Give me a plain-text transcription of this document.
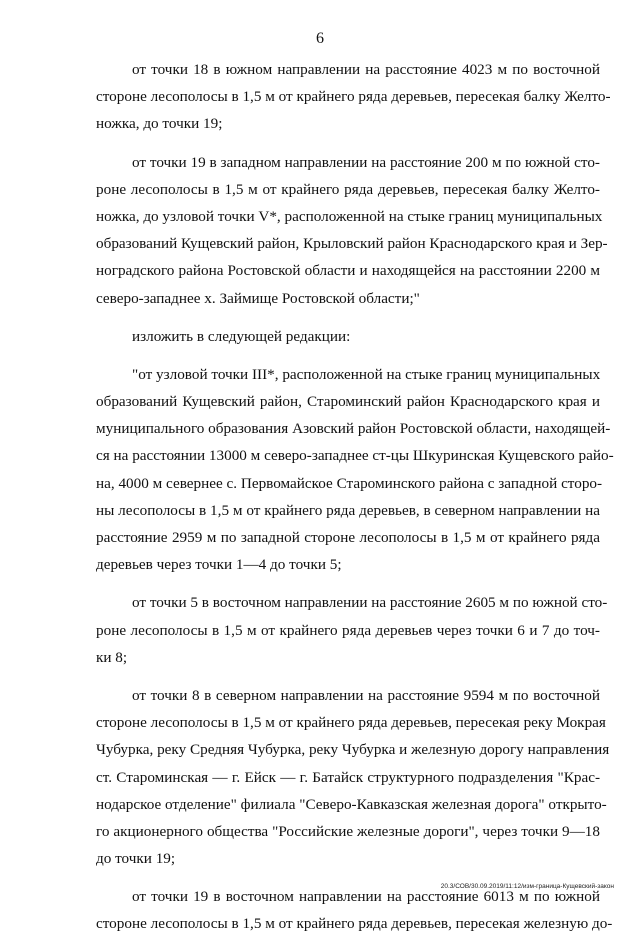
6
от точки 18 в южном направлении на расстояние 4023 м по восточной
стороне лесополосы в 1,5 м от крайнего ряда деревьев, пересекая балку Желто-
ножка, до точки 19;
от точки 19 в западном направлении на расстояние 200 м по южной сто-
роне лесополосы в 1,5 м от крайнего ряда деревьев, пересекая балку Желто-
ножка, до узловой точки V*, расположенной на стыке границ муниципальных
образований Кущевский район, Крыловский район Краснодарского края и Зер-
ноградского района Ростовской области и находящейся на расстоянии 2200 м
северо-западнее х. Займище Ростовской области;"
изложить в следующей редакции:
"от узловой точки III*, расположенной на стыке границ муниципальных
образований Кущевский район, Староминский район Краснодарского края и
муниципального образования Азовский район Ростовской области, находящей-
ся на расстоянии 13000 м северо-западнее ст-цы Шкуринская Кущевского райо-
на, 4000 м севернее с. Первомайское Староминского района с западной сторо-
ны лесополосы в 1,5 м от крайнего ряда деревьев, в северном направлении на
расстояние 2959 м по западной стороне лесополосы в 1,5 м от крайнего ряда
деревьев через точки 1—4 до точки 5;
от точки 5 в восточном направлении на расстояние 2605 м по южной сто-
роне лесополосы в 1,5 м от крайнего ряда деревьев через точки 6 и 7 до точ-
ки 8;
от точки 8 в северном направлении на расстояние 9594 м по восточной
стороне лесополосы в 1,5 м от крайнего ряда деревьев, пересекая реку Мокрая
Чубурка, реку Средняя Чубурка, реку Чубурка и железную дорогу направления
ст. Староминская — г. Ейск — г. Батайск структурного подразделения "Крас-
нодарское отделение" филиала "Северо-Кавказская железная дорога" открыто-
го акционерного общества "Российские железные дороги", через точки 9—18
до точки 19;
от точки 19 в восточном направлении на расстояние 6013 м по южной
стороне лесополосы в 1,5 м от крайнего ряда деревьев, пересекая железную до-
20.3/СОВ/30.09.2019/11:12/изм-граница-Кущевский-закон
